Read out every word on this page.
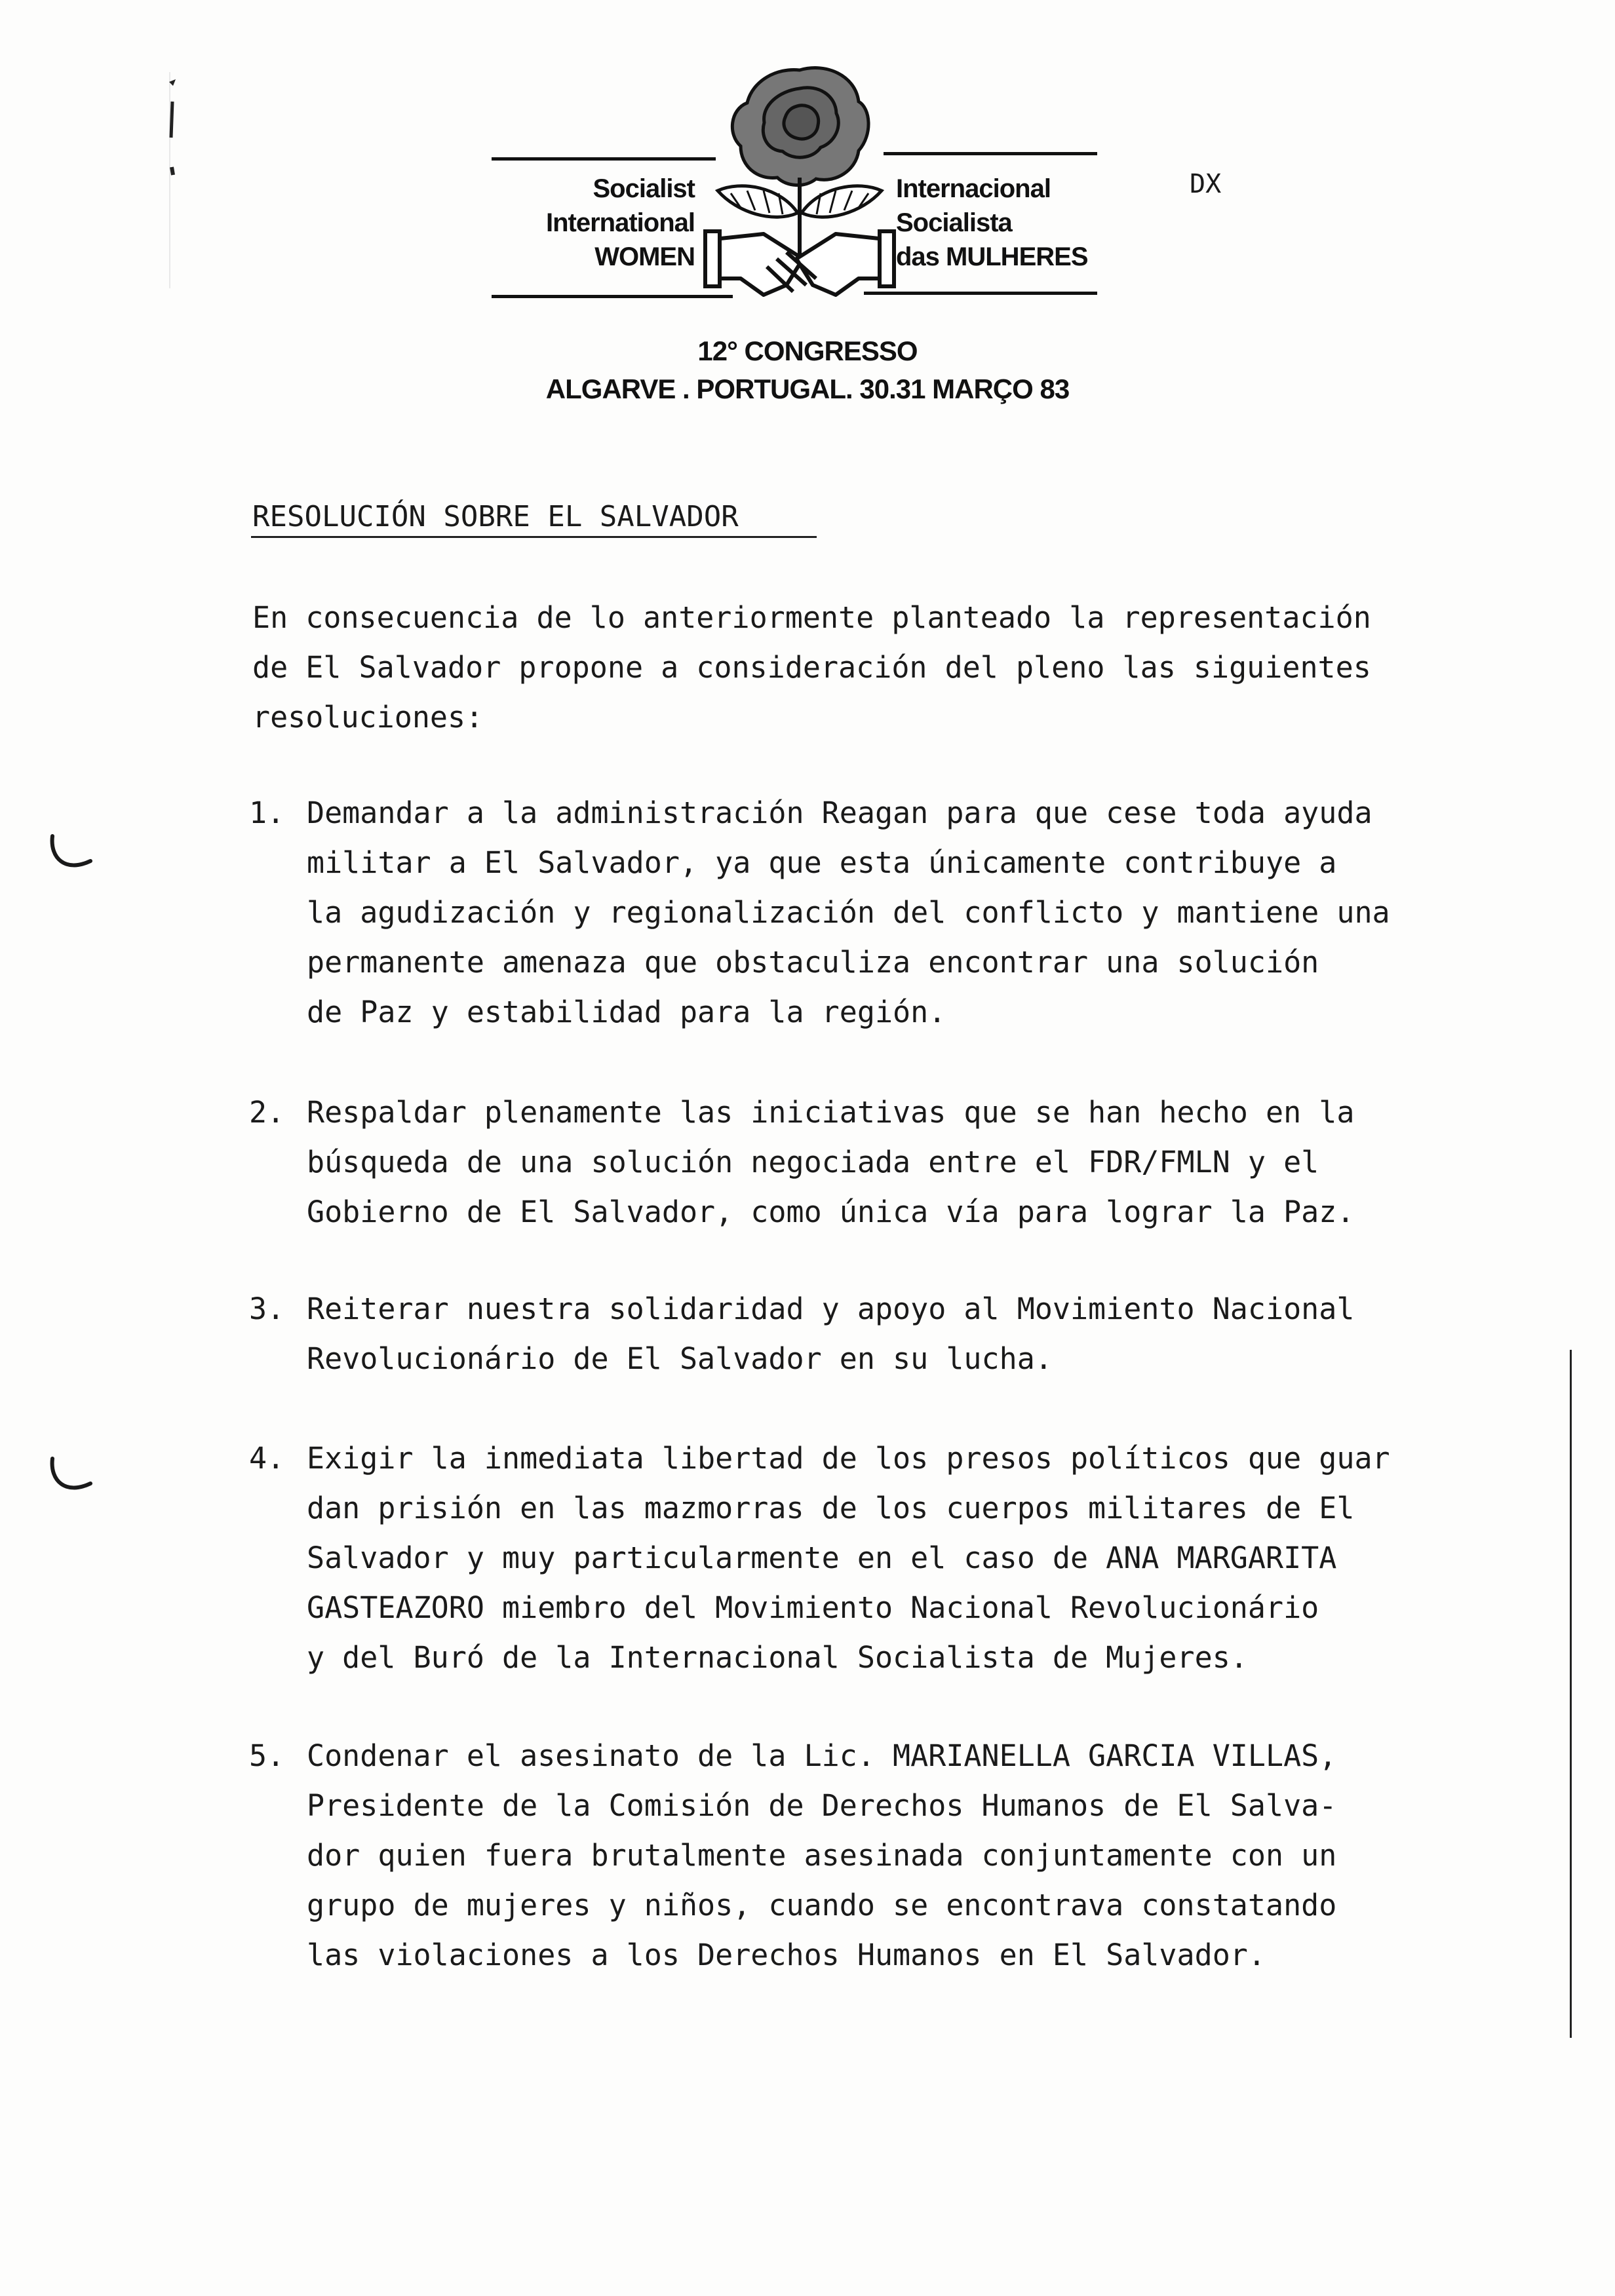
Socialist
International
WOMEN
Internacional
Socialista
das MULHERES
12° CONGRESSO
ALGARVE . PORTUGAL. 30.31 MARÇO 83
DX
RESOLUCIÓN SOBRE EL SALVADOR
En consecuencia de lo anteriormente planteado la representación
de El Salvador propone a consideración del pleno las siguientes
resoluciones:
1. Demandar a la administración Reagan para que cese toda ayuda
militar a El Salvador, ya que esta únicamente contribuye a
la agudización y regionalización del conflicto y mantiene una
permanente amenaza que obstaculiza encontrar una solución
de Paz y estabilidad para la región.
2. Respaldar plenamente las iniciativas que se han hecho en la
búsqueda de una solución negociada entre el FDR/FMLN y el
Gobierno de El Salvador, como única vía para lograr la Paz.
3. Reiterar nuestra solidaridad y apoyo al Movimiento Nacional
Revolucionário de El Salvador en su lucha.
4. Exigir la inmediata libertad de los presos políticos que guar
dan prisión en las mazmorras de los cuerpos militares de El
Salvador y muy particularmente en el caso de ANA MARGARITA
GASTEAZORO miembro del Movimiento Nacional Revolucionário
y del Buró de la Internacional Socialista de Mujeres.
5. Condenar el asesinato de la Lic. MARIANELLA GARCIA VILLAS,
Presidente de la Comisión de Derechos Humanos de El Salva-
dor quien fuera brutalmente asesinada conjuntamente con un
grupo de mujeres y niños, cuando se encontrava constatando
las violaciones a los Derechos Humanos en El Salvador.
